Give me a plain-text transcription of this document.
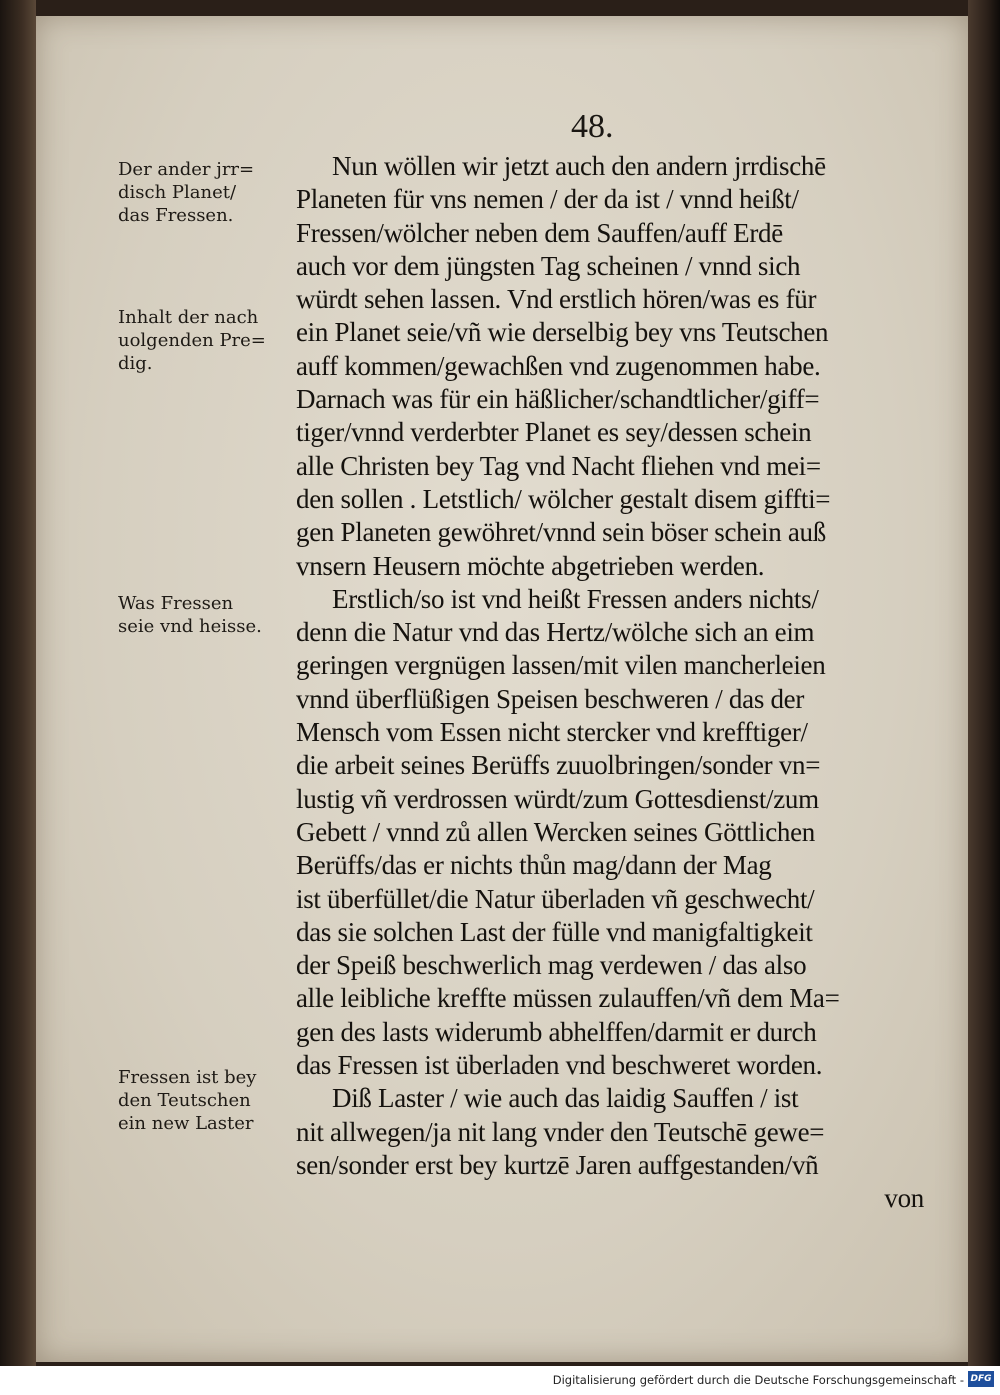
48.
Der ander jrr=
disch Planet/
das Fressen.
Inhalt der nach
uolgenden Pre=
dig.
Was Fressen
seie vnd heisse.
Fressen ist bey
den Teutschen
ein new Laster
Nun wöllen wir jetzt auch den andern jrrdischē
Planeten für vns nemen / der da ist / vnnd heißt/
Fressen/wölcher neben dem Sauffen/auff Erdē
auch vor dem jüngsten Tag scheinen / vnnd sich
würdt sehen lassen. Vnd erstlich hören/was es für
ein Planet seie/vñ wie derselbig bey vns Teutschen
auff kommen/gewachßen vnd zugenommen habe.
Darnach was für ein häßlicher/schandtlicher/giff=
tiger/vnnd verderbter Planet es sey/dessen schein
alle Christen bey Tag vnd Nacht fliehen vnd mei=
den sollen . Letstlich/ wölcher gestalt disem giffti=
gen Planeten gewöhret/vnnd sein böser schein auß
vnsern Heusern möchte abgetrieben werden.
Erstlich/so ist vnd heißt Fressen anders nichts/
denn die Natur vnd das Hertz/wölche sich an eim
geringen vergnügen lassen/mit vilen mancherleien
vnnd überflüßigen Speisen beschweren / das der
Mensch vom Essen nicht stercker vnd krefftiger/
die arbeit seines Berüffs zuuolbringen/sonder vn=
lustig vñ verdrossen würdt/zum Gottesdienst/zum
Gebett / vnnd zů allen Wercken seines Göttlichen
Berüffs/das er nichts thůn mag/dann der Mag
ist überfüllet/die Natur überladen vñ geschwecht/
das sie solchen Last der fülle vnd manigfaltigkeit
der Speiß beschwerlich mag verdewen / das also
alle leibliche kreffte müssen zulauffen/vñ dem Ma=
gen des lasts widerumb abhelffen/darmit er durch
das Fressen ist überladen vnd beschweret worden.
Diß Laster / wie auch das laidig Sauffen / ist
nit allwegen/ja nit lang vnder den Teutschē gewe=
sen/sonder erst bey kurtzē Jaren auffgestanden/vñ
von
Digitalisierung gefördert durch die Deutsche Forschungsgemeinschaft - DFG
